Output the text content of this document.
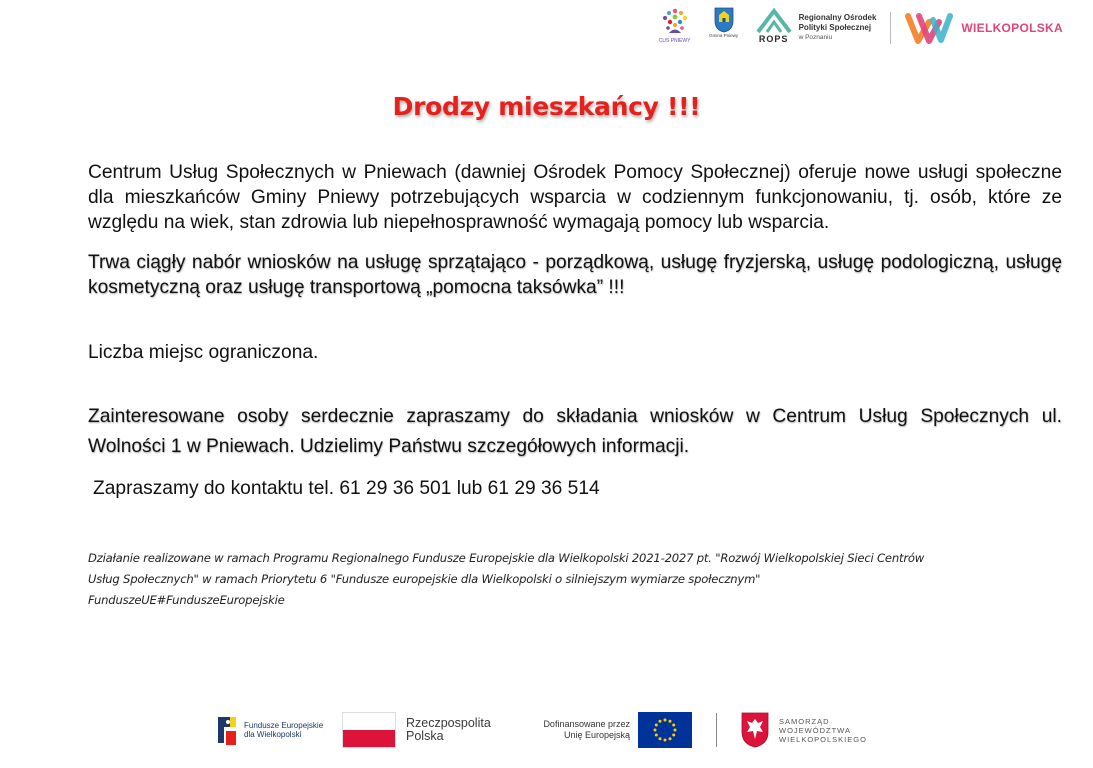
CUS PNIEWY
Gmina Pniewy ROPS
Regionalny Ośrodek
Polityki Społecznej
w Poznaniu
WIELKOPOLSKA
Drodzy mieszkańcy !!!

Centrum Usług Społecznych w Pniewach (dawniej Ośrodek Pomocy Społecznej) oferuje nowe usługi społeczne dla mieszkańców Gminy Pniewy potrzebujących wsparcia w codziennym funkcjonowaniu, tj. osób, które ze względu na wiek, stan zdrowia lub niepełnosprawność wymagają pomocy lub wsparcia.

Trwa ciągły nabór wniosków na usługę sprzątająco - porządkową, usługę fryzjerską, usługę podologiczną, usługę kosmetyczną oraz usługę transportową „pomocna taksówka” !!!

Liczba miejsc ograniczona.

Zainteresowane osoby serdecznie zapraszamy do składania wniosków w Centrum Usług Społecznych ul. Wolności 1 w Pniewach. Udzielimy Państwu szczegółowych informacji.

Zapraszamy do kontaktu tel. 61 29 36 501 lub 61 29 36 514

Działanie realizowane w ramach Programu Regionalnego Fundusze Europejskie dla Wielkopolski 2021-2027 pt. "Rozwój Wielkopolskiej Sieci Centrów
Usług Społecznych" w ramach Priorytetu 6 "Fundusze europejskie dla Wielkopolski o silniejszym wymiarze społecznym"
FunduszeUE#FunduszeEuropejskie
Fundusze Europejskie
dla Wielkopolski
Rzeczpospolita
Polska
Dofinansowane przez
Unię Europejską
SAMORZĄD
WOJEWÓDZTWA
WIELKOPOLSKIEGO
